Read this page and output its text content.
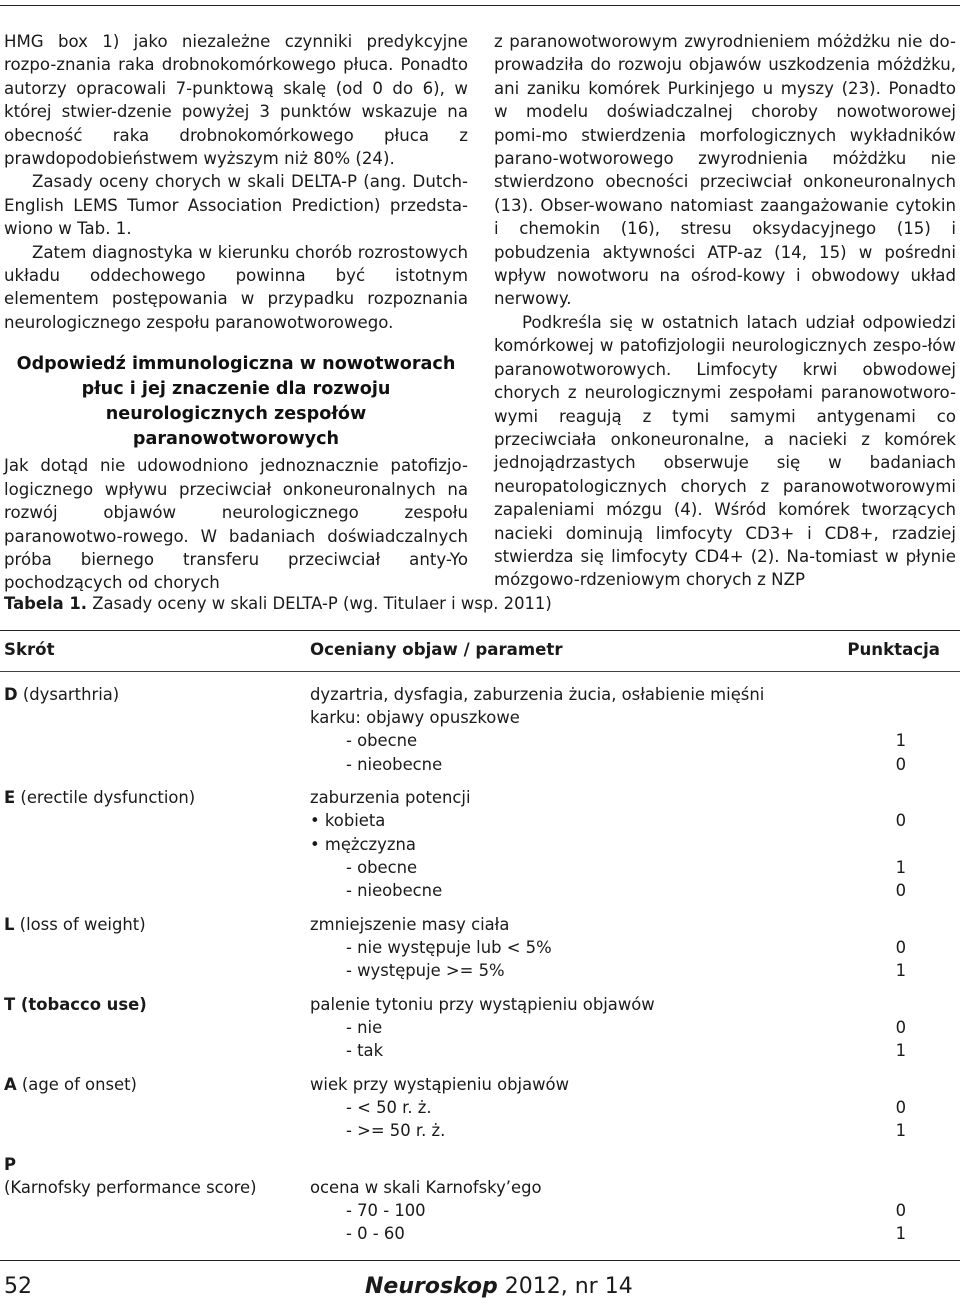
HMG box 1) jako niezależne czynniki predykcyjne rozpo-znania raka drobnokomórkowego płuca. Ponadto autorzy opracowali 7-punktową skalę (od 0 do 6), w której stwier-dzenie powyżej 3 punktów wskazuje na obecność raka drobnokomórkowego płuca z prawdopodobieństwem wyższym niż 80% (24).

Zasady oceny chorych w skali DELTA-P (ang. Dutch-English LEMS Tumor Association Prediction) przedsta-wiono w Tab. 1.

Zatem diagnostyka w kierunku chorób rozrostowych układu oddechowego powinna być istotnym elementem postępowania w przypadku rozpoznania neurologicznego zespołu paranowotworowego.

Odpowiedź immunologiczna w nowotworach płuc i jej znaczenie dla rozwoju neurologicznych zespołów paranowotworowych

Jak dotąd nie udowodniono jednoznacznie patofizjo-logicznego wpływu przeciwciał onkoneuronalnych na rozwój objawów neurologicznego zespołu paranowotwo-rowego. W badaniach doświadczalnych próba biernego transferu przeciwciał anty-Yo pochodzących od chorych

z paranowotworowym zwyrodnieniem móżdżku nie do-prowadziła do rozwoju objawów uszkodzenia móżdżku, ani zaniku komórek Purkinjego u myszy (23). Ponadto w modelu doświadczalnej choroby nowotworowej pomi-mo stwierdzenia morfologicznych wykładników parano-wotworowego zwyrodnienia móżdżku nie stwierdzono obecności przeciwciał onkoneuronalnych (13). Obser-wowano natomiast zaangażowanie cytokin i chemokin (16), stresu oksydacyjnego (15) i pobudzenia aktywności ATP-az (14, 15) w pośredni wpływ nowotworu na ośrod-kowy i obwodowy układ nerwowy.

Podkreśla się w ostatnich latach udział odpowiedzi komórkowej w patofizjologii neurologicznych zespo-łów paranowotworowych. Limfocyty krwi obwodowej chorych z neurologicznymi zespołami paranowotworo-wymi reagują z tymi samymi antygenami co przeciwciała onkoneuronalne, a nacieki z komórek jednojądrzastych obserwuje się w badaniach neuropatologicznych chorych z paranowotworowymi zapaleniami mózgu (4). Wśród komórek tworzących nacieki dominują limfocyty CD3+ i CD8+, rzadziej stwierdza się limfocyty CD4+ (2). Na-tomiast w płynie mózgowo-rdzeniowym chorych z NZP

Tabela 1. Zasady oceny w skali DELTA-P (wg. Titulaer i wsp. 2011)
Skrót	Oceniany objaw / parametr	Punktacja
D (dysarthria)	dyzartria, dysfagia, zaburzenia żucia, osłabienie mięśni
karku: objawy opuszkowe
- obecne	1
- nieobecne	0
E (erectile dysfunction)	zaburzenia potencji
• kobieta	0
• mężczyzna
- obecne	1
- nieobecne	0
L (loss of weight)	zmniejszenie masy ciała
- nie występuje lub < 5%	0
- występuje >= 5%	1
T (tobacco use)	palenie tytoniu przy wystąpieniu objawów
- nie	0
- tak	1
A (age of onset)	wiek przy wystąpieniu objawów
- < 50 r. ż.	0
- >= 50 r. ż.	1
P
(Karnofsky performance score)	ocena w skali Karnofsky’ego
- 70 - 100	0
- 0 - 60	1
52	Neuroskop 2012, nr 14
